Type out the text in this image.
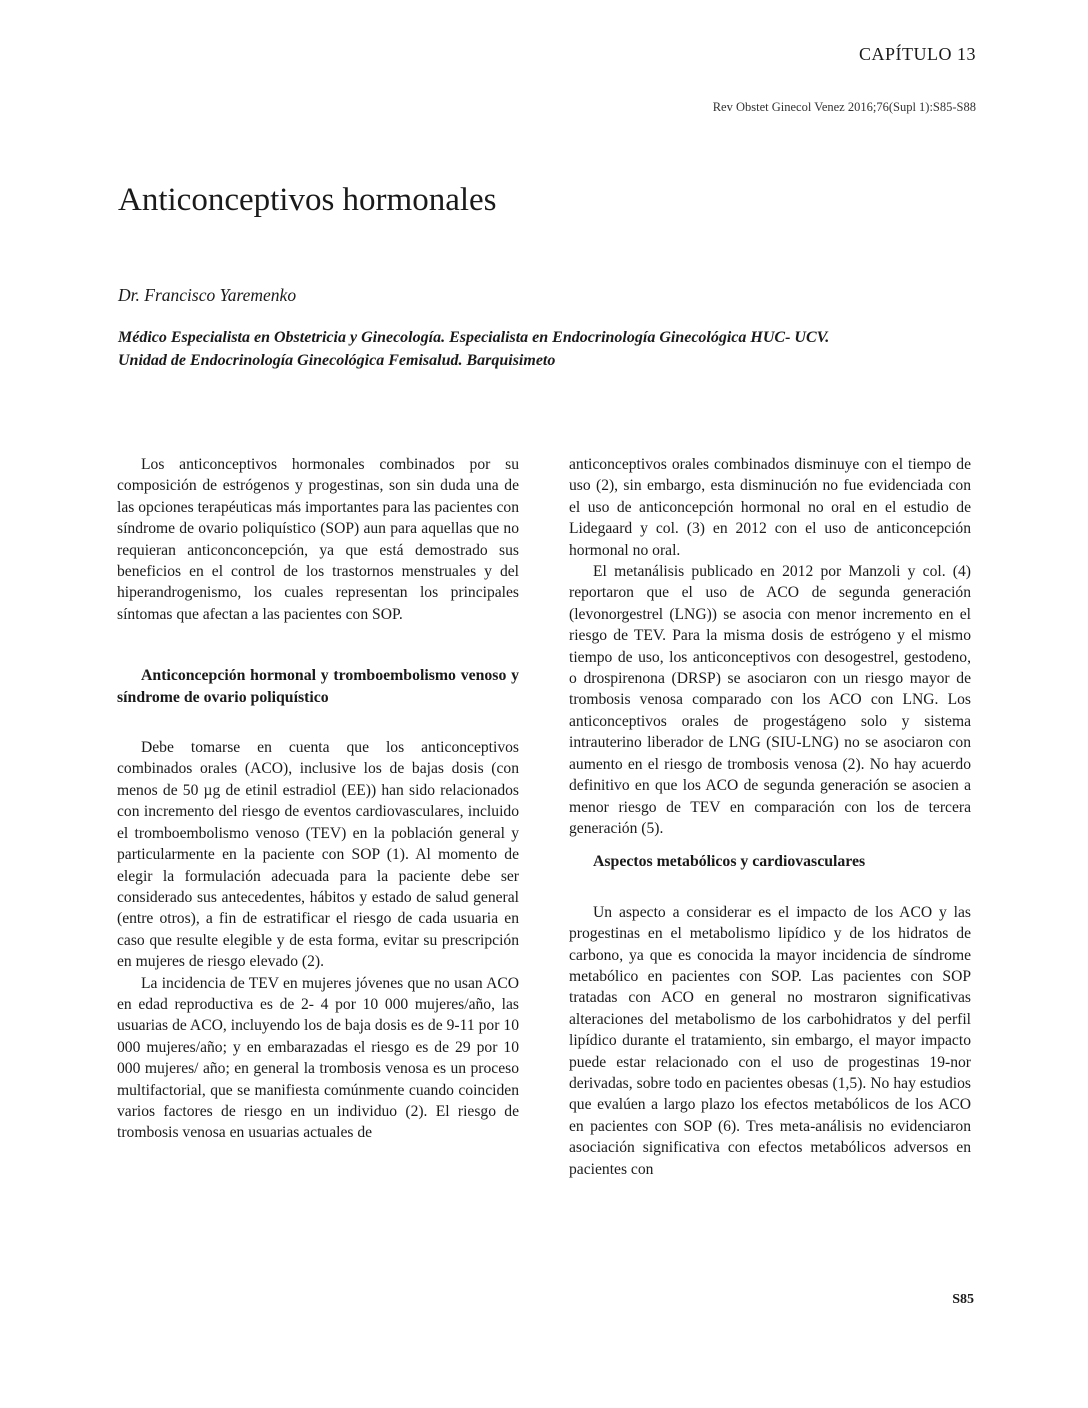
CAPÍTULO 13
Rev Obstet Ginecol Venez 2016;76(Supl 1):S85-S88
Anticonceptivos hormonales
Dr. Francisco Yaremenko
Médico Especialista en Obstetricia y Ginecología. Especialista en Endocrinología Ginecológica HUC- UCV.
Unidad de Endocrinología Ginecológica Femisalud. Barquisimeto

Los anticonceptivos hormonales combinados por su composición de estrógenos y progestinas, son sin duda una de las opciones terapéuticas más importantes para las pacientes con síndrome de ovario poliquístico (SOP) aun para aquellas que no requieran anticonconcepción, ya que está demostrado sus beneficios en el control de los trastornos menstruales y del hiperandrogenismo, los cuales representan los principales síntomas que afectan a las pacientes con SOP.

Anticoncepción hormonal y tromboembolismo venoso y síndrome de ovario poliquístico

Debe tomarse en cuenta que los anticonceptivos combinados orales (ACO), inclusive los de bajas dosis (con menos de 50 µg de etinil estradiol (EE)) han sido relacionados con incremento del riesgo de eventos cardiovasculares, incluido el tromboembolismo venoso (TEV) en la población general y particularmente en la paciente con SOP (1). Al momento de elegir la formulación adecuada para la paciente debe ser considerado sus antecedentes, hábitos y estado de salud general (entre otros), a fin de estratificar el riesgo de cada usuaria en caso que resulte elegible y de esta forma, evitar su prescripción en mujeres de riesgo elevado (2).

La incidencia de TEV en mujeres jóvenes que no usan ACO en edad reproductiva es de 2- 4 por 10 000 mujeres/año, las usuarias de ACO, incluyendo los de baja dosis es de 9-11 por 10 000 mujeres/año; y en embarazadas el riesgo es de 29 por 10 000 mujeres/ año; en general la trombosis venosa es un proceso multifactorial, que se manifiesta comúnmente cuando coinciden varios factores de riesgo en un individuo (2). El riesgo de trombosis venosa en usuarias actuales de

anticonceptivos orales combinados disminuye con el tiempo de uso (2), sin embargo, esta disminución no fue evidenciada con el uso de anticoncepción hormonal no oral en el estudio de Lidegaard y col. (3) en 2012 con el uso de anticoncepción hormonal no oral.

El metanálisis publicado en 2012 por Manzoli y col. (4) reportaron que el uso de ACO de segunda generación (levonorgestrel (LNG)) se asocia con menor incremento en el riesgo de TEV. Para la misma dosis de estrógeno y el mismo tiempo de uso, los anticonceptivos con desogestrel, gestodeno, o drospirenona (DRSP) se asociaron con un riesgo mayor de trombosis venosa comparado con los ACO con LNG. Los anticonceptivos orales de progestágeno solo y sistema intrauterino liberador de LNG (SIU-LNG) no se asociaron con aumento en el riesgo de trombosis venosa (2). No hay acuerdo definitivo en que los ACO de segunda generación se asocien a menor riesgo de TEV en comparación con los de tercera generación (5).

Aspectos metabólicos y cardiovasculares

Un aspecto a considerar es el impacto de los ACO y las progestinas en el metabolismo lipídico y de los hidratos de carbono, ya que es conocida la mayor incidencia de síndrome metabólico en pacientes con SOP. Las pacientes con SOP tratadas con ACO en general no mostraron significativas alteraciones del metabolismo de los carbohidratos y del perfil lipídico durante el tratamiento, sin embargo, el mayor impacto puede estar relacionado con el uso de progestinas 19-nor derivadas, sobre todo en pacientes obesas (1,5). No hay estudios que evalúen a largo plazo los efectos metabólicos de los ACO en pacientes con SOP (6). Tres meta-análisis no evidenciaron asociación significativa con efectos metabólicos adversos en pacientes con

S85
